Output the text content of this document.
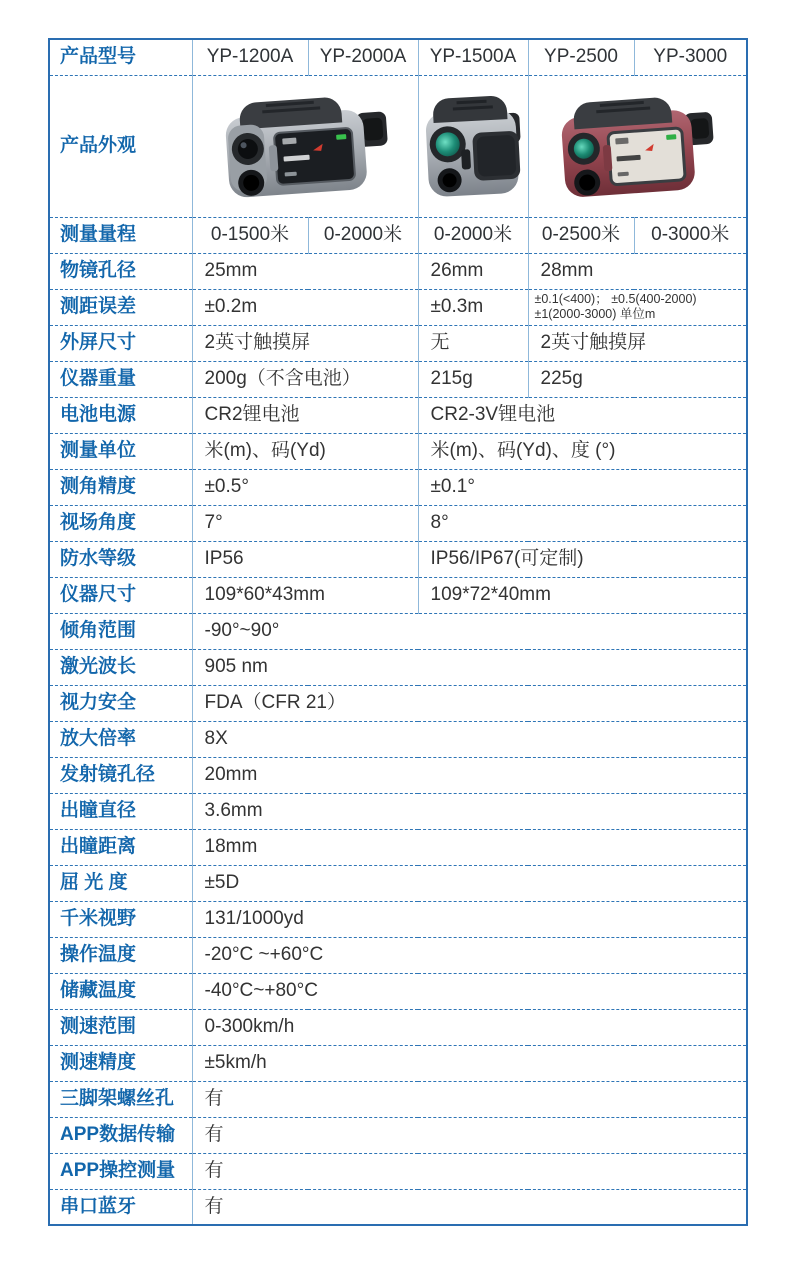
产品型号	YP-1200A	YP-2000A	YP-1500A	YP-2500	YP-3000
产品外观			
测量量程	0-1500米	0-2000米	0-2000米	0-2500米	0-3000米
物镜孔径	25mm		26mm	28mm	
测距误差	±0.2m		±0.3m	±0.1(<400)； ±0.5(400-2000)
±1(2000-3000) 单位m	

外屏尺寸	2英寸触摸屏		无	2英寸触摸屏	
仪器重量	200g（不含电池）		215g	225g	
电池电源	CR2锂电池		CR2-3V锂电池		
测量单位	米(m)、码(Yd)		米(m)、码(Yd)、度 (°)		
测角精度	±0.5°		±0.1°		
视场角度	7°		8°		
防水等级	IP56		IP56/IP67(可定制)		
仪器尺寸	109*60*43mm		109*72*40mm		
倾角范围	-90°~90°				
激光波长	905 nm				
视力安全	FDA（CFR 21）				
放大倍率	8X				
发射镜孔径	20mm				
出瞳直径	3.6mm				
出瞳距离	18mm				
屈 光 度	±5D				
千米视野	131/1000yd				
操作温度	-20°C ~+60°C				
储藏温度	-40°C~+80°C				
测速范围	0-300km/h				
测速精度	±5km/h				
三脚架螺丝孔	有				
APP数据传输	有				
APP操控测量	有				
串口蓝牙	有				
